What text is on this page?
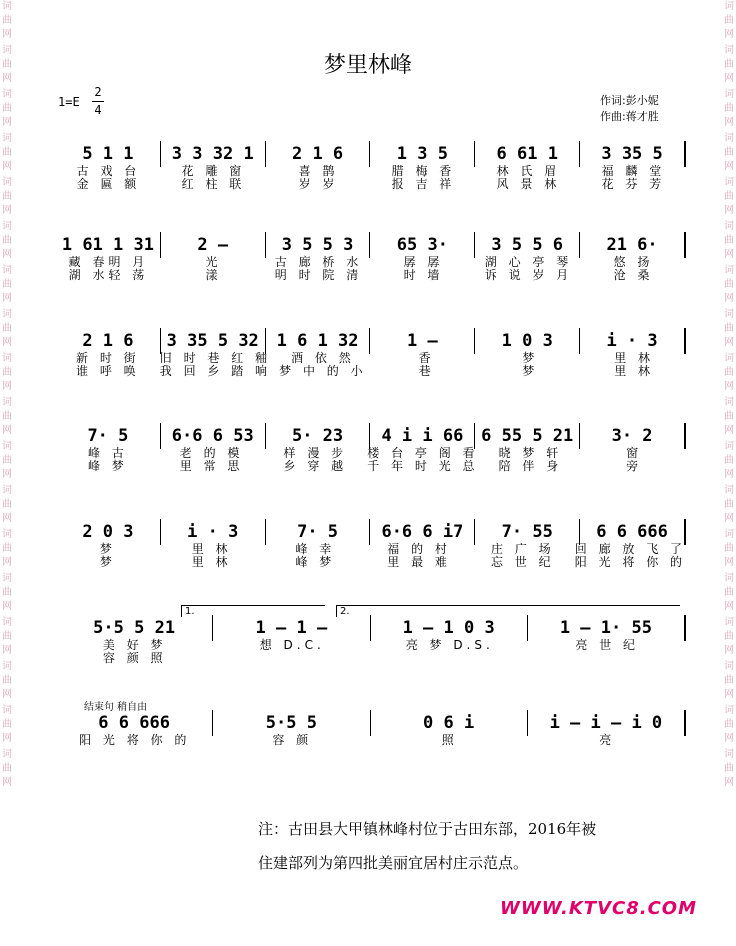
词
曲
网
词
曲
网
词
曲
网
词
曲
网
词
曲
网
词
曲
网
词
曲
网
词
曲
网
词
曲
网
词
曲
网
词
曲
网
词
曲
网
词
曲
网
词
曲
网
词
曲
网
词
曲
网
词
曲
网
词
曲
网
词
曲
网
词
曲
网
词
曲
网
词
曲
网
词
曲
网
词
曲
网
词
曲
网
词
曲
网
词
曲
网
词
曲
网
词
曲
网
词
曲
网
词
曲
网
词
曲
网
词
曲
网
词
曲
网
词
曲
网
词
曲
网
梦里林峰
1=E
2
4
作词:彭小妮
作曲:蒋才胜
5 1 1	3 3 32 1	2 1 6	1 3 5	6 61 1	3 35 5
古 戏 台	花 雕 窗	喜 鹊	腊 梅 香	林 氏 眉	福 麟 堂
金 匾 额	红 柱 联	岁 岁	报 吉 祥	风 景 林	花 芬 芳
1 61 1 31	2 –	3 5 5 3	65 3·	3 5 5 6	21 6·
藏 春明 月	光	古 廊 桥 水	孱 孱	湖 心 亭 琴	悠 扬
湖 水轻 荡	漾	明 时 院 清	时 墙	诉 说 岁 月	沧 桑
2 1 6	3 35 5 32	1 6 1 32	1 –	1 0 3	i · 3
新 时 街	旧 时 巷 红 釉	酒 依 然	香	梦	里 林
谁 呼 唤	我 回 乡 踏 响 梦 中 的 小	巷	梦	里 林
7· 5	6·6 6 53	5· 23	4 i i 66	6 55 5 21	3· 2
峰 古	老 的 模	样 漫 步	楼 台 亭 阁 看	晓 梦 轩	窗
峰 梦	里 常 思	乡 穿 越	千 年 时 光 总	陪 伴 身	旁
2 0 3	i · 3	7· 5	6·6 6 i7	7· 55	6 6 666
梦	里 林	峰 幸	福 的 村	庄 广 场	回 廊 放 飞 了
梦	里 林	峰 梦	里 最 难	忘 世 纪	阳 光 将 你 的
1.	2.
5·5 5 21	1 – 1 –	1 – 1 0 3	1 – 1· 55
美 好 梦	想 D.C.	亮 梦 D.S.	亮 世 纪
容 颜 照
结束句 稍自由
6 6 666	5·5 5	0 6 i	i – i – i 0
阳 光 将 你 的	容 颜	照	亮
注：古田县大甲镇林峰村位于古田东部，2016年被
住建部列为第四批美丽宜居村庄示范点。
WWW.KTVC8.COM
